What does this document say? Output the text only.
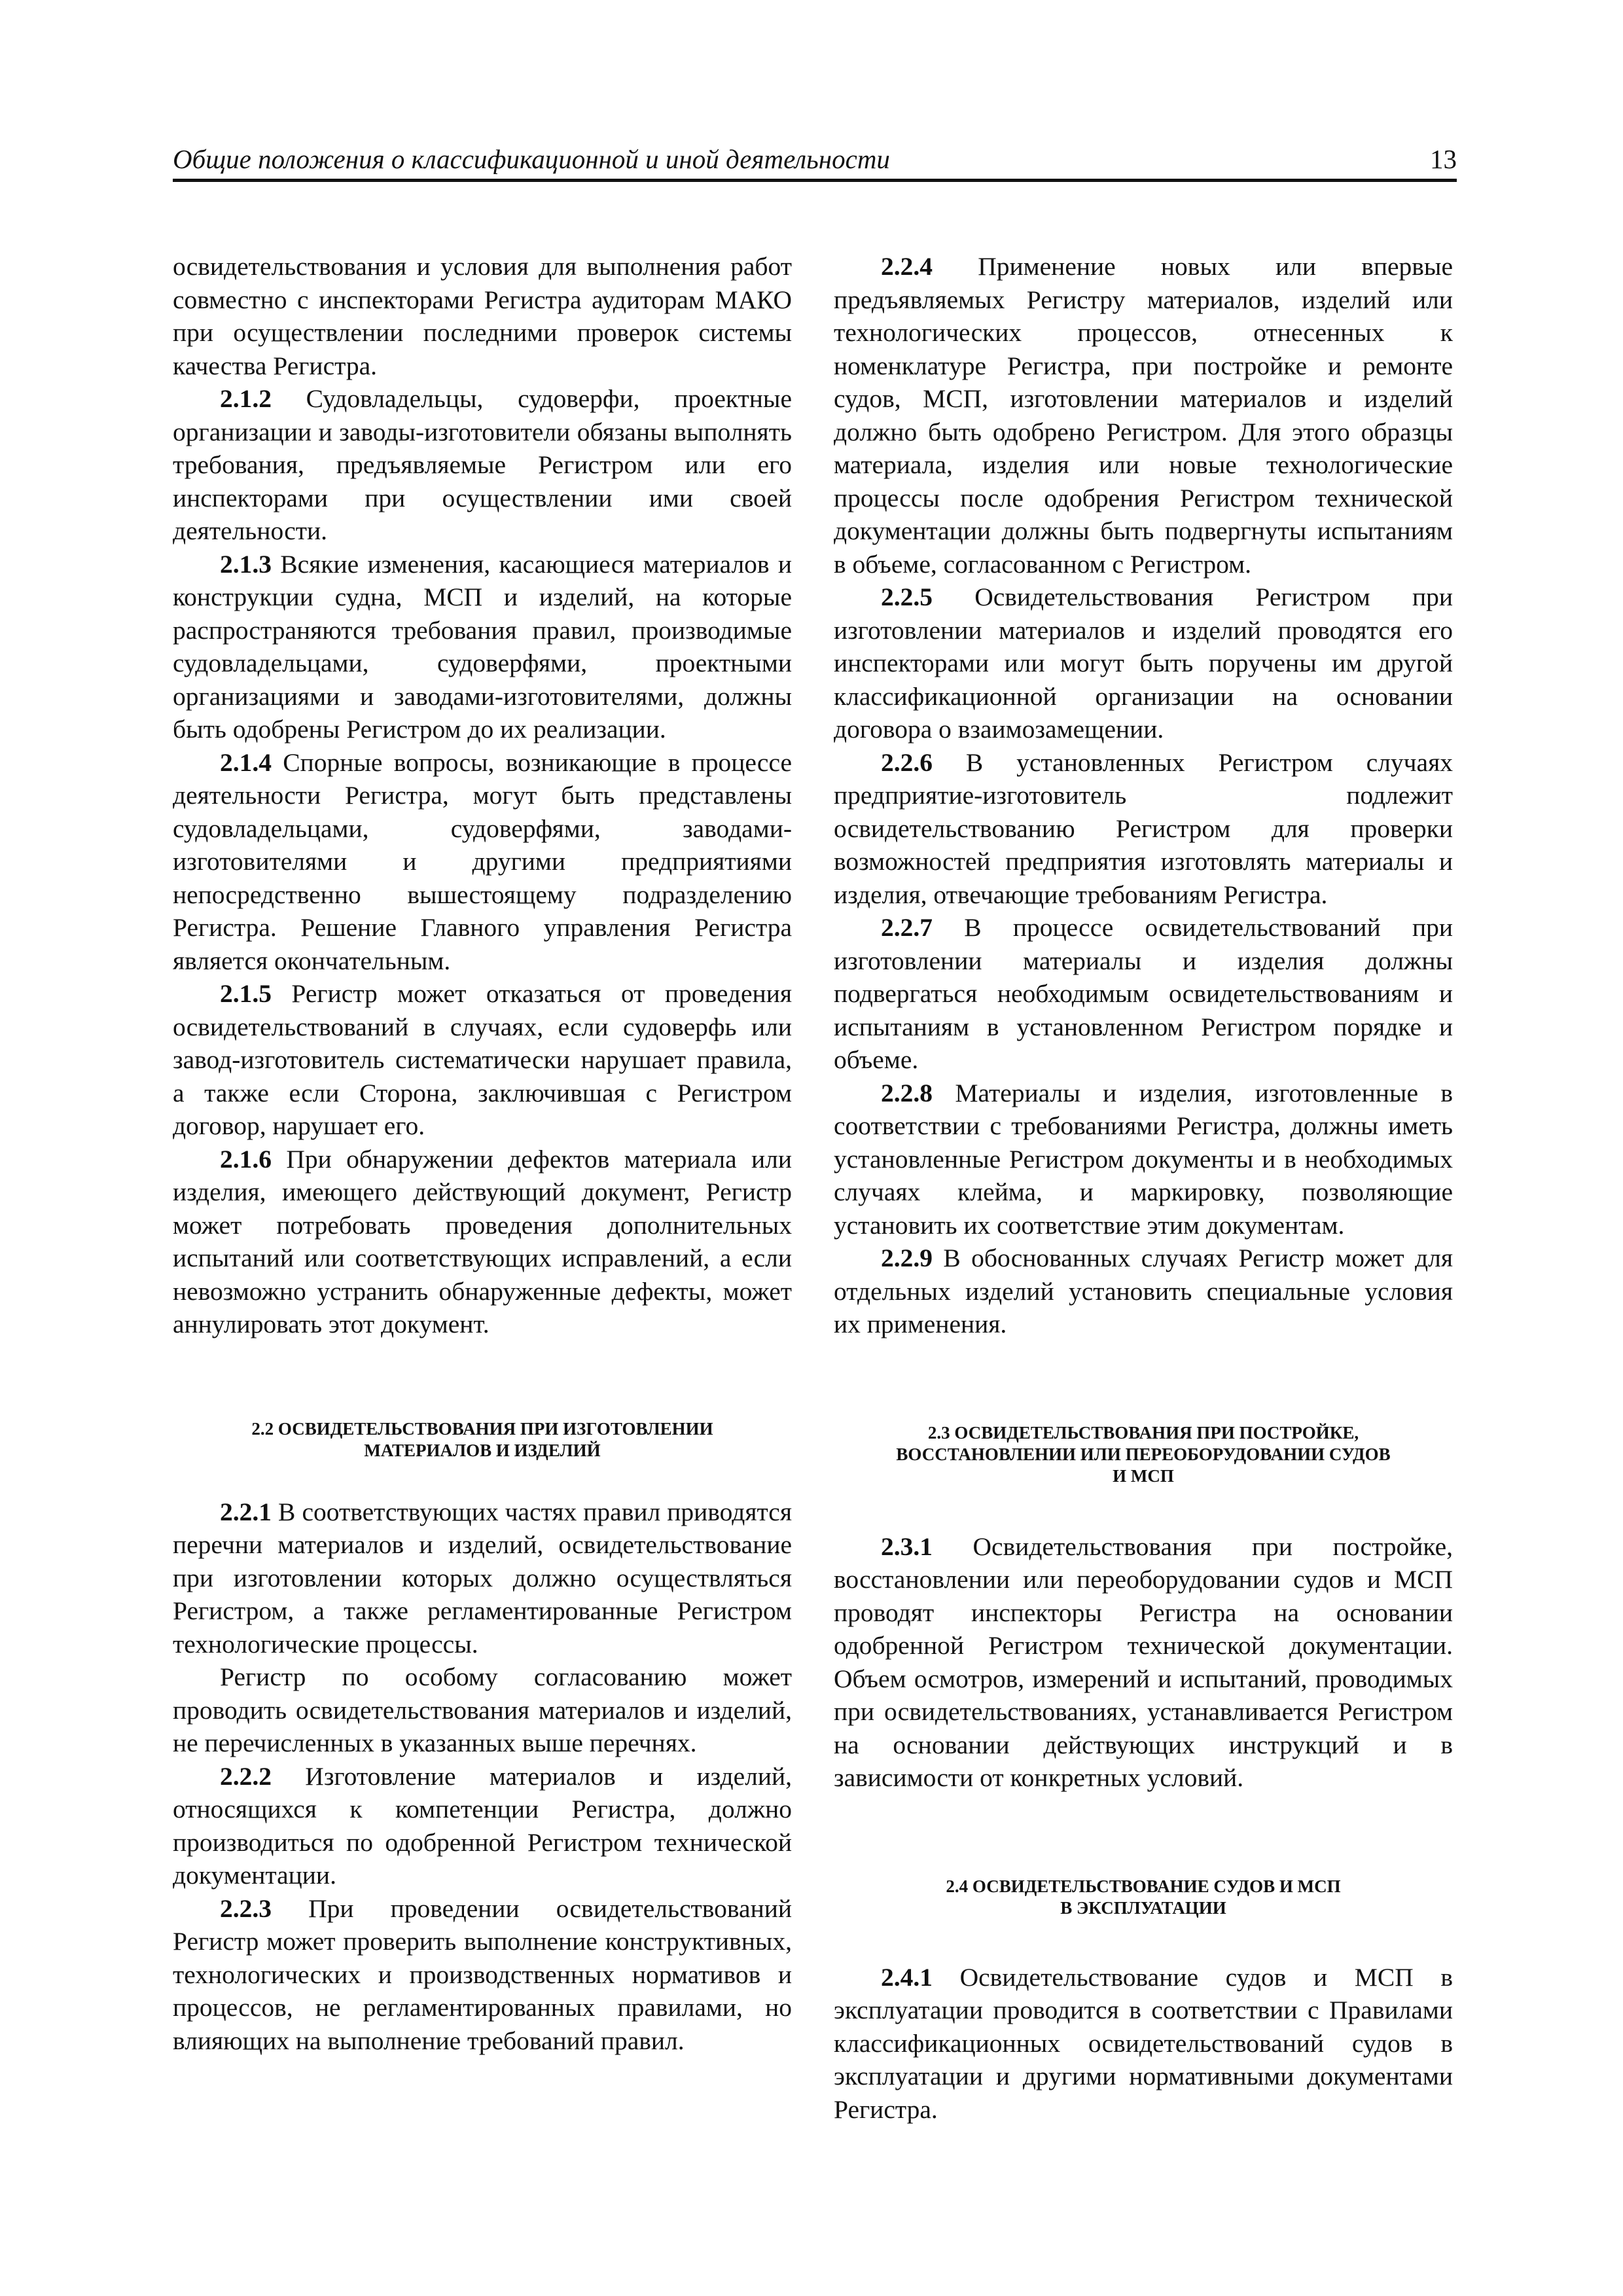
Общие положения о классификационной и иной деятельности	13

освидетельствования и условия для выполнения работ совместно с инспекторами Регистра аудиторам МАКО при осуществлении последними проверок системы качества Регистра.

2.1.2 Судовладельцы, судоверфи, проектные организации и заводы-изготовители обязаны выполнять требования, предъявляемые Регистром или его инспекторами при осуществлении ими своей деятельности.

2.1.3 Всякие изменения, касающиеся материалов и конструкции судна, МСП и изделий, на которые распространяются требования правил, производимые судовладельцами, судоверфями, проектными организациями и заводами-изготовителями, должны быть одобрены Регистром до их реализации.

2.1.4 Спорные вопросы, возникающие в процессе деятельности Регистра, могут быть представлены судовладельцами, судоверфями, заводами-изготовителями и другими предприятиями непосредственно вышестоящему подразделению Регистра. Решение Главного управления Регистра является окончательным.

2.1.5 Регистр может отказаться от проведения освидетельствований в случаях, если судоверфь или завод-изготовитель систематически нарушает правила, а также если Сторона, заключившая с Регистром договор, нарушает его.

2.1.6 При обнаружении дефектов материала или изделия, имеющего действующий документ, Регистр может потребовать проведения дополнительных испытаний или соответствующих исправлений, а если невозможно устранить обнаруженные дефекты, может аннулировать этот документ.

2.2 ОСВИДЕТЕЛЬСТВОВАНИЯ ПРИ ИЗГОТОВЛЕНИИ
МАТЕРИАЛОВ И ИЗДЕЛИЙ

2.2.1 В соответствующих частях правил приводятся перечни материалов и изделий, освидетельствование при изготовлении которых должно осуществляться Регистром, а также регламентированные Регистром технологические процессы.

Регистр по особому согласованию может проводить освидетельствования материалов и изделий, не перечисленных в указанных выше перечнях.

2.2.2 Изготовление материалов и изделий, относящихся к компетенции Регистра, должно производиться по одобренной Регистром технической документации.

2.2.3 При проведении освидетельствований Регистр может проверить выполнение конструктивных, технологических и производственных нормативов и процессов, не регламентированных правилами, но влияющих на выполнение требований правил.

2.2.4 Применение новых или впервые предъявляемых Регистру материалов, изделий или технологических процессов, отнесенных к номенклатуре Регистра, при постройке и ремонте судов, МСП, изготовлении материалов и изделий должно быть одобрено Регистром. Для этого образцы материала, изделия или новые технологические процессы после одобрения Регистром технической документации должны быть подвергнуты испытаниям в объеме, согласованном с Регистром.

2.2.5 Освидетельствования Регистром при изготовлении материалов и изделий проводятся его инспекторами или могут быть поручены им другой классификационной организации на основании договора о взаимозамещении.

2.2.6 В установленных Регистром случаях предприятие-изготовитель подлежит освидетельствованию Регистром для проверки возможностей предприятия изготовлять материалы и изделия, отвечающие требованиям Регистра.

2.2.7 В процессе освидетельствований при изготовлении материалы и изделия должны подвергаться необходимым освидетельствованиям и испытаниям в установленном Регистром порядке и объеме.

2.2.8 Материалы и изделия, изготовленные в соответствии с требованиями Регистра, должны иметь установленные Регистром документы и в необходимых случаях клейма, и маркировку, позволяющие установить их соответствие этим документам.

2.2.9 В обоснованных случаях Регистр может для отдельных изделий установить специальные условия их применения.

2.3 ОСВИДЕТЕЛЬСТВОВАНИЯ ПРИ ПОСТРОЙКЕ,
ВОССТАНОВЛЕНИИ ИЛИ ПЕРЕОБОРУДОВАНИИ СУДОВ
И МСП

2.3.1 Освидетельствования при постройке, восстановлении или переоборудовании судов и МСП проводят инспекторы Регистра на основании одобренной Регистром технической документации. Объем осмотров, измерений и испытаний, проводимых при освидетельствованиях, устанавливается Регистром на основании действующих инструкций и в зависимости от конкретных условий.

2.4 ОСВИДЕТЕЛЬСТВОВАНИЕ СУДОВ И МСП
В ЭКСПЛУАТАЦИИ

2.4.1 Освидетельствование судов и МСП в эксплуатации проводится в соответствии с Правилами классификационных освидетельствований судов в эксплуатации и другими нормативными документами Регистра.
